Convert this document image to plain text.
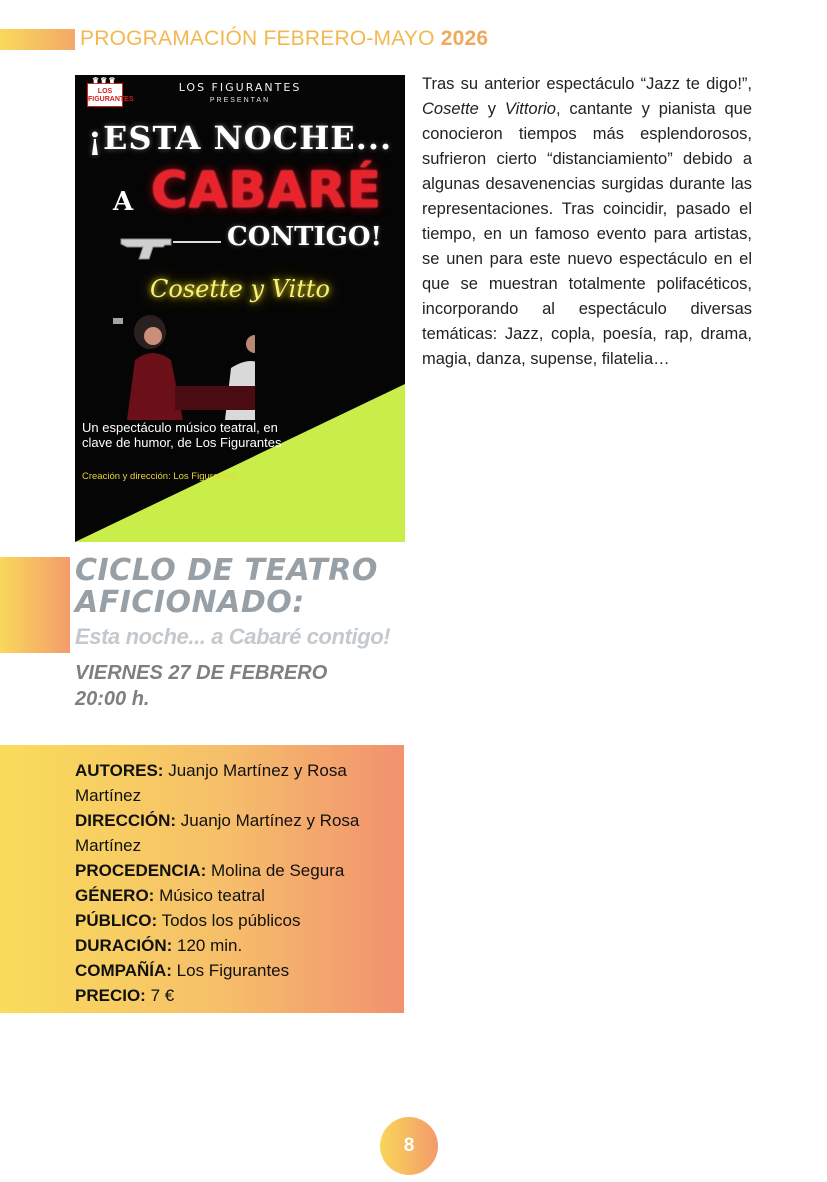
PROGRAMACIÓN FEBRERO-MAYO 2026
♛♛♛
LOS FIGURANTES
LOS FIGURANTES
PRESENTAN
¡ESTA NOCHE...
A CABARÉ
CONTIGO!
Cosette y Vitto
Un espectáculo músico teatral, en clave de humor, de Los Figurantes
Creación y dirección: Los Figurantes
Tras su anterior espectáculo “Jazz te digo!”, Cosette y Vittorio, cantante y pianista que conocieron tiempos más esplendorosos, sufrieron cierto “distanciamiento” debido a algunas desavenencias surgidas durante las representaciones. Tras coincidir, pasado el tiempo, en un famoso evento para artistas, se unen para este nuevo espectáculo en el que se muestran totalmente polifacéticos, incorporando al espectáculo diversas temáticas: Jazz, copla, poesía, rap, drama, magia, danza, supense, filatelia…
CICLO DE TEATRO
AFICIONADO:
Esta noche... a Cabaré contigo!
VIERNES 27 DE FEBRERO
20:00 h.

AUTORES: Juanjo Martínez y Rosa Martínez

DIRECCIÓN: Juanjo Martínez y Rosa Martínez

PROCEDENCIA: Molina de Segura

GÉNERO: Músico teatral

PÚBLICO: Todos los públicos

DURACIÓN: 120 min.

COMPAÑÍA: Los Figurantes

PRECIO: 7 €

8
